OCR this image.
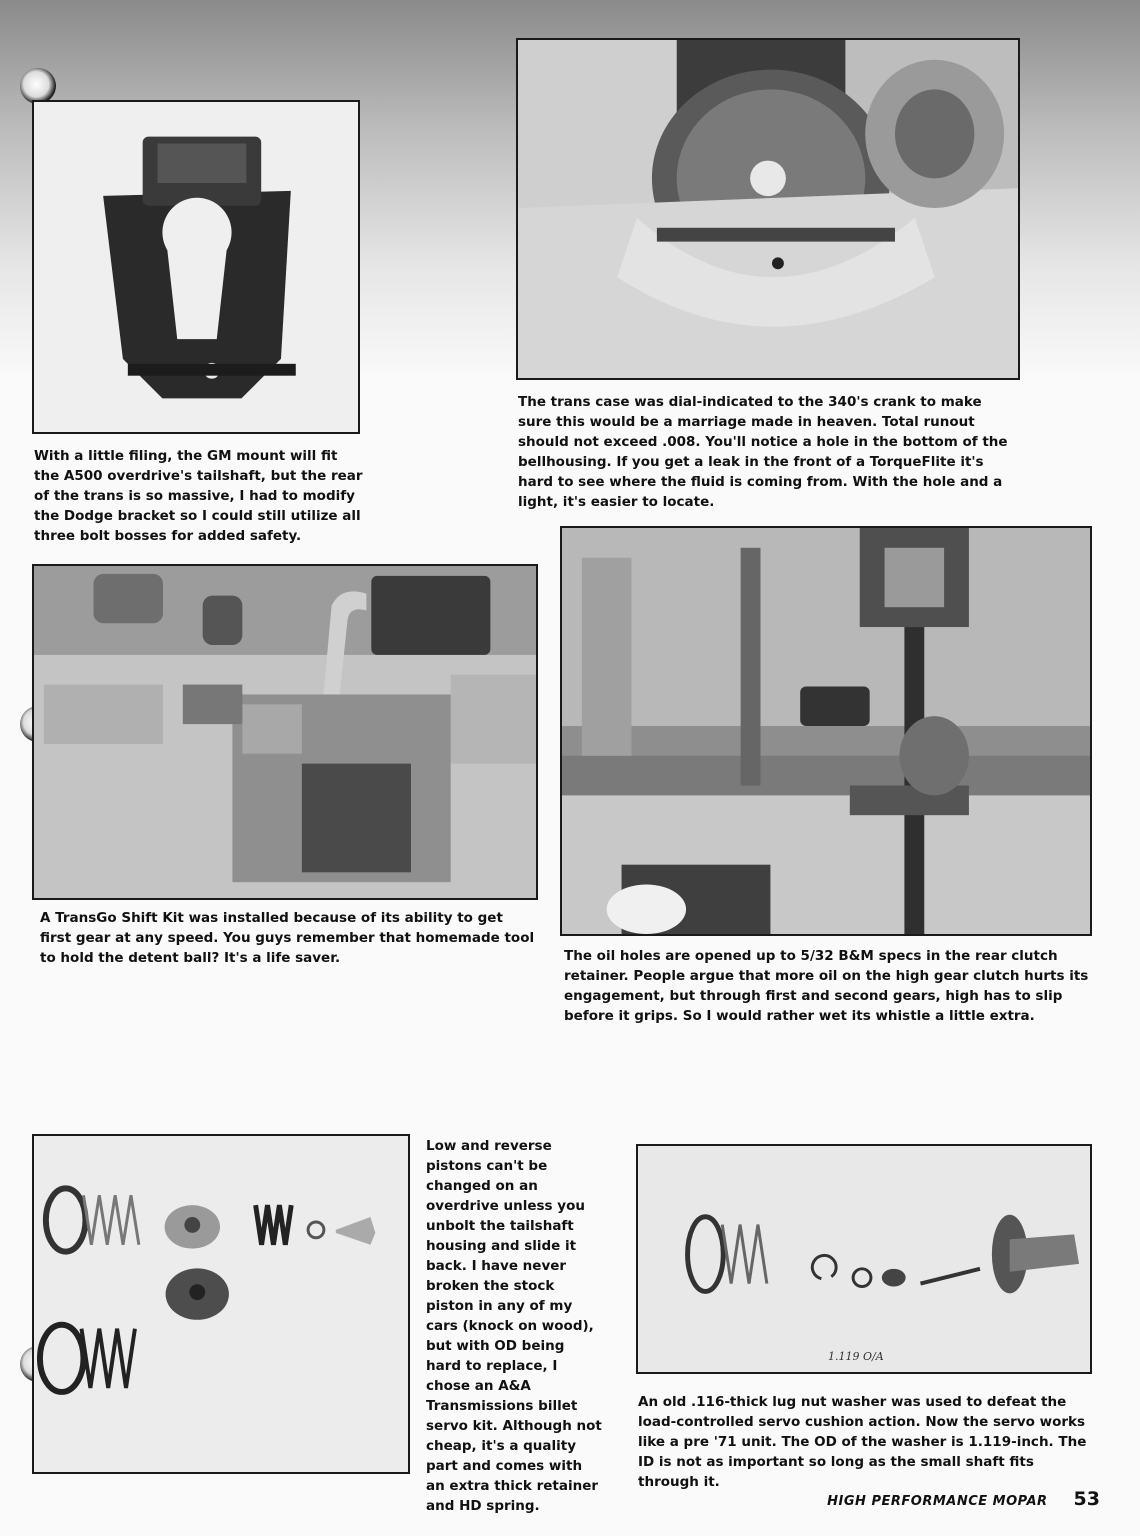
With a little filing, the GM mount will fit the A500 overdrive's tailshaft, but the rear of the trans is so massive, I had to modify the Dodge bracket so I could still utilize all three bolt bosses for added safety.

The trans case was dial-indicated to the 340's crank to make sure this would be a marriage made in heaven. Total runout should not exceed .008. You'll notice a hole in the bottom of the bellhousing. If you get a leak in the front of a TorqueFlite it's hard to see where the fluid is coming from. With the hole and a light, it's easier to locate.

A TransGo Shift Kit was installed because of its ability to get first gear at any speed. You guys remember that homemade tool to hold the detent ball? It's a life saver.	The oil holes are opened up to 5/32 B&M specs in the rear clutch retainer. People argue that more oil on the high gear clutch hurts its engagement, but through first and second gears, high has to slip before it grips. So I would rather wet its whistle a little extra.

Low and reverse pistons can't be changed on an overdrive unless you unbolt the tailshaft housing and slide it back. I have never broken the stock piston in any of my cars (knock on wood), but with OD being hard to replace, I chose an A&A Transmissions billet servo kit. Although not cheap, it's a quality part and comes with an extra thick retainer and HD spring.

1.119 O/A

An old .116-thick lug nut washer was used to defeat the load-controlled servo cushion action. Now the servo works like a pre '71 unit. The OD of the washer is 1.119-inch. The ID is not as important so long as the small shaft fits through it.

HIGH PERFORMANCE MOPAR 53
